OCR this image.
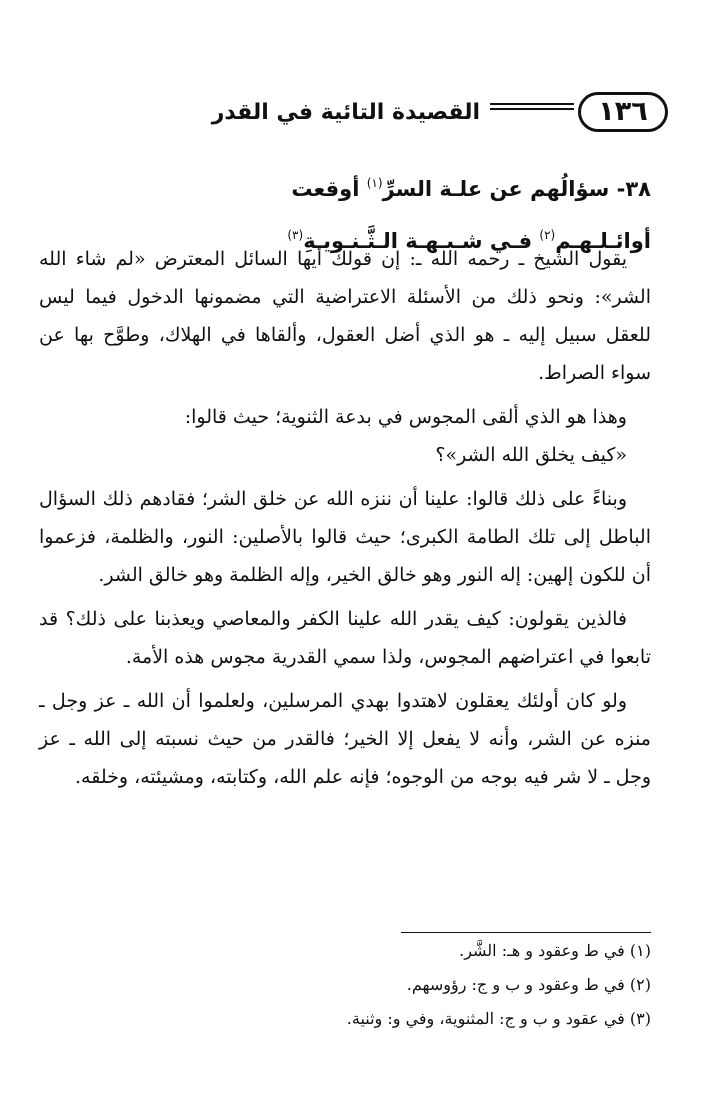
١٣٦
القصيدة التائية في القدر
٣٨- سؤالُهم عن علـة السرِّ$^{(١)}$ أوقعت
أوائـلـهـم$^{(٢)}$ فـي شـبـهـة الـثَّـنـويـةِ$^{(٣)}$

يقول الشيخ ـ رحمه الله ـ: إن قولك أيها السائل المعترض «لم شاء الله الشر»: ونحو ذلك من الأسئلة الاعتراضية التي مضمونها الدخول فيما ليس للعقل سبيل إليه ـ هو الذي أضل العقول، وألقاها في الهلاك، وطوَّح بها عن سواء الصراط.

وهذا هو الذي ألقى المجوس في بدعة الثنوية؛ حيث قالوا:

«كيف يخلق الله الشر»؟

وبناءً على ذلك قالوا: علينا أن ننزه الله عن خلق الشر؛ فقادهم ذلك السؤال الباطل إلى تلك الطامة الكبرى؛ حيث قالوا بالأصلين: النور، والظلمة، فزعموا أن للكون إلهين: إله النور وهو خالق الخير، وإله الظلمة وهو خالق الشر.

فالذين يقولون: كيف يقدر الله علينا الكفر والمعاصي ويعذبنا على ذلك؟ قد تابعوا في اعتراضهم المجوس، ولذا سمي القدرية مجوس هذه الأمة.

ولو كان أولئك يعقلون لاهتدوا بهدي المرسلين، ولعلموا أن الله ـ عز وجل ـ منزه عن الشر، وأنه لا يفعل إلا الخير؛ فالقدر من حيث نسبته إلى الله ـ عز وجل ـ لا شر فيه بوجه من الوجوه؛ فإنه علم الله، وكتابته، ومشيئته، وخلقه.

(١) في ط وعقود و هـ: الشَّر.
(٢) في ط وعقود و ب و ج: رؤوسهم.
(٣) في عقود و ب و ج: المثنوية، وفي و: وثنية.
